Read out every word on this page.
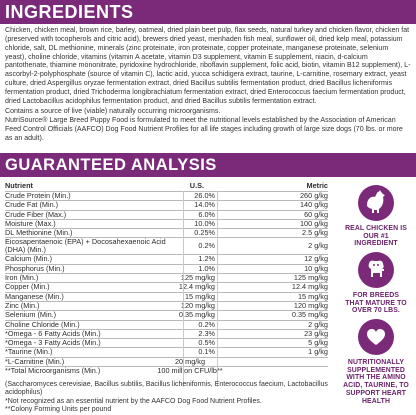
INGREDIENTS

Chicken, chicken meal, brown rice, barley, oatmeal, dried plain beet pulp, flax seeds, natural turkey and chicken flavor, chicken fat (preserved with tocopherols and citric acid), brewers dried yeast, menhaden fish meal, sunflower oil, dried kelp meal, potassium chloride, salt, DL methionine, minerals (zinc proteinate, iron proteinate, copper proteinate, manganese proteinate, selenium yeast), choline chloride, vitamins (vitamin A acetate, vitamin D3 supplement, vitamin E supplement, niacin, d-calcium pantothenate, thiamine mononitrate, pyridoxine hydrochloride, riboflavin supplement, folic acid, biotin, vitamin B12 supplement), L-ascorbyl-2-polyphosphate (source of vitamin C), lactic acid, yucca schidigera extract, taurine, L-carnitine, rosemary extract, yeast culture, dried Aspergillus oryzae fermentation extract, dried Bacillus subtilis fermentation product, dried Bacillus licheniformis fermentation product, dried Trichoderma longibrachiatum fermentation extract, dried Enterococcus faecium fermentation product, dried Lactobacillus acidophilus fermentation product, and dried Bacillus subtilis fermentation extract.

Contains a source of live (viable) naturally occurring microorganisms.

NutriSource® Large Breed Puppy Food is formulated to meet the nutritional levels established by the Association of American Feed Control Officials (AAFCO) Dog Food Nutrient Profiles for all life stages including growth of large size dogs (70 lbs. or more as an adult).

GUARANTEED ANALYSIS
Nutrient	U.S.	Metric
Crude Protein (Min.)	26.0%	260 g/kg
Crude Fat (Min.)	14.0%	140 g/kg
Crude Fiber (Max.)	6.0%	60 g/kg
Moisture (Max.)	10.0%	100 g/kg
DL Methionine (Min.)	0.25%	2.5 g/kg
Eicosapentaenoic (EPA) + Docosahexaenoic Acid (DHA) (Min.)	0.2%	2 g/kg
Calcium (Min.)	1.2%	12 g/kg
Phosphorus (Min.)	1.0%	10 g/kg
Iron (Min.)	125 mg/kg	125 mg/kg
Copper (Min.)	12.4 mg/kg	12.4 mg/kg
Manganese (Min.)	15 mg/kg	15 mg/kg
Zinc (Min.)	120 mg/kg	120 mg/kg
Selenium (Min.)	0.35 mg/kg	0.35 mg/kg
Choline Chloride (Min.)	0.2%	2 g/kg
*Omega - 6 Fatty Acids (Min.)	2.3%	23 g/kg
*Omega - 3 Fatty Acids (Min.)	0.5%	5 g/kg
*Taurine (Min.)	0.1%	1 g/kg
*L-Carnitine (Min.)	20 mg/kg
**Total Microorganisms (Min.)	100 million CFU/lb**

(Saccharomyces cerevisiae, Bacillus subtilis, Bacillus licheniformis, Enterococcus faecium, Lactobacillus acidophilus)

*Not recognized as an essential nutrient by the AAFCO Dog Food Nutrient Profiles.

**Colony Forming Units per pound

REAL CHICKEN IS OUR #1 INGREDIENT
FOR BREEDS THAT MATURE TO OVER 70 LBS.
NUTRITIONALLY SUPPLEMENTED WITH THE AMINO ACID, TAURINE, TO SUPPORT HEART HEALTH
